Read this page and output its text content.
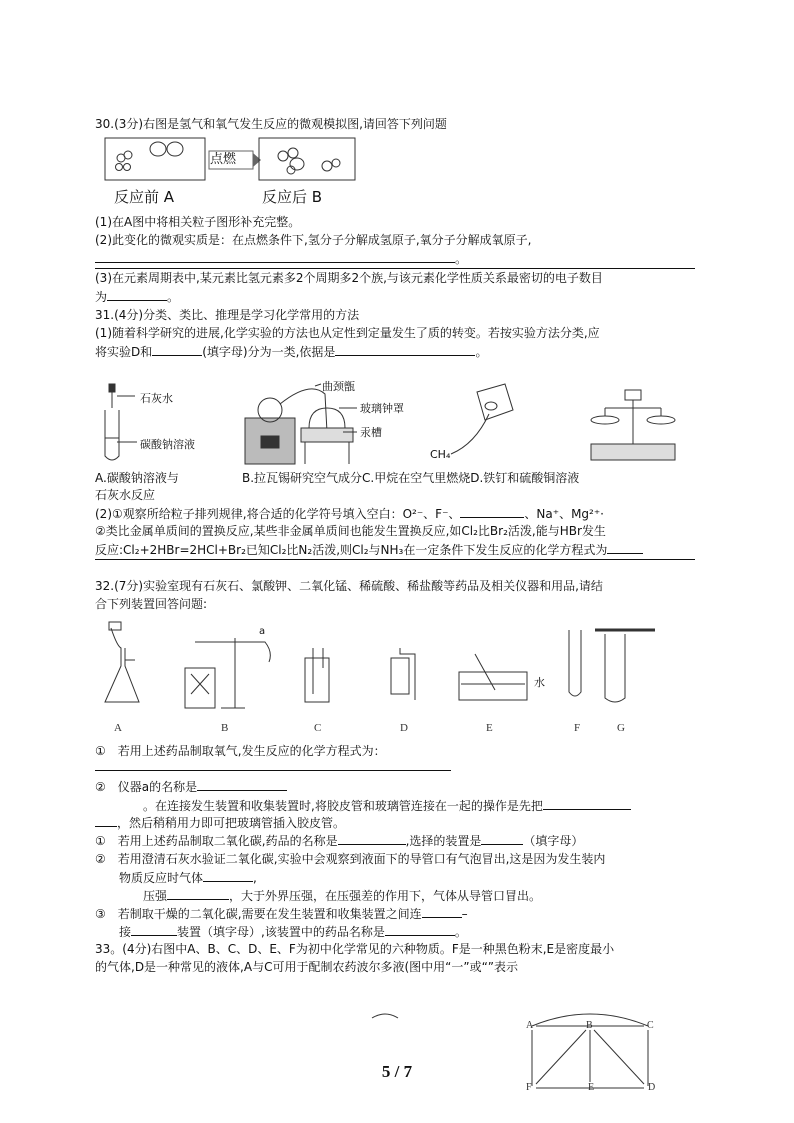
30.(3分)右图是氢气和氧气发生反应的微观模拟图,请回答下列问题
点燃
反应前 A	反应后 B
(1)在A图中将相关粒子图形补充完整。
(2)此变化的微观实质是：在点燃条件下,氢分子分解成氢原子,氧分子分解成氧原子,
。
(3)在元素周期表中,某元素比氢元素多2个周期多2个族,与该元素化学性质关系最密切的电子数目
为	。
31.(4分)分类、类比、推理是学习化学常用的方法
(1)随着科学研究的进展,化学实验的方法也从定性到定量发生了质的转变。若按实验方法分类,应
将实验D和	(填字母)分为一类,依据是	。
石灰水
碳酸钠溶液
曲颈甑
玻璃钟罩
汞槽
CH₄
A.碳酸钠溶液与	B.拉瓦锡研究空气成分C.甲烷在空气里燃烧D.铁钉和硫酸铜溶液
石灰水反应
(2)①观察所给粒子排列规律,将合适的化学符号填入空白：O²⁻、F⁻、	、Na⁺、Mg²⁺·
②类比金属单质间的置换反应,某些非金属单质间也能发生置换反应,如Cl₂比Br₂活泼,能与HBr发生
反应:Cl₂+2HBr=2HCl+Br₂已知Cl₂比N₂活泼,则Cl₂与NH₃在一定条件下发生反应的化学方程式为
32.(7分)实验室现有石灰石、氯酸钾、二氧化锰、稀硫酸、稀盐酸等药品及相关仪器和用品,请结
合下列装置回答问题:
a
水
A	B	C	D	E	F	G
①　若用上述药品制取氧气,发生反应的化学方程式为：
②　仪器a的名称是
。在连接发生装置和收集装置时,将胶皮管和玻璃管连接在一起的操作是先把
，然后稍稍用力即可把玻璃管插入胶皮管。
①　若用上述药品制取二氧化碳,药品的名称是	,选择的装置是	（填字母）
②　若用澄清石灰水验证二氧化碳,实验中会观察到液面下的导管口有气泡冒出,这是因为发生装内
物质反应时气体	,
压强	，大于外界压强，在压强差的作用下，气体从导管口冒出。
③　若制取干燥的二氧化碳,需要在发生装置和收集装置之间连	–
接	装置（填字母）,该装置中的药品名称是	。
33。(4分)右图中A、B、C、D、E、F为初中化学常见的六种物质。F是一种黑色粉末,E是密度最小
的气体,D是一种常见的液体,A与C可用于配制农药波尔多液(图中用“一”或“”表示
A	B	C
D
E
F
5 / 7
